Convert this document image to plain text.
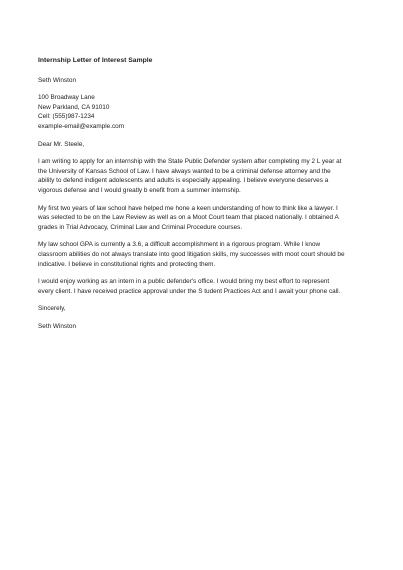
Internship Letter of Interest Sample
Seth Winston
100 Broadway Lane
New Parkland, CA 91010
Cell: (555)987-1234
example-email@example.com
Dear Mr. Steele,
I am writing to apply for an internship with the State Public Defender system after completing my 2 L year at
the University of Kansas School of Law. I have always wanted to be a criminal defense attorney and the
ability to defend indigent adolescents and adults is especially appealing. I believe everyone deserves a
vigorous defense and I would greatly b enefit from a summer internship.
My first two years of law school have helped me hone a keen understanding of how to think like a lawyer. I
was selected to be on the Law Review as well as on a Moot Court team that placed nationally. I obtained A
grades in Trial Advocacy, Criminal Law and Criminal Procedure courses.
My law school GPA is currently a 3.6, a difficult accomplishment in a rigorous program. While I know
classroom abilities do not always translate into good litigation skills, my successes with moot court should be
indicative. I believe in constitutional rights and protecting them.
I would enjoy working as an intern in a public defender's office. I would bring my best effort to represent
every client. I have received practice approval under the S tudent Practices Act and I await your phone call.
Sincerely,
Seth Winston
